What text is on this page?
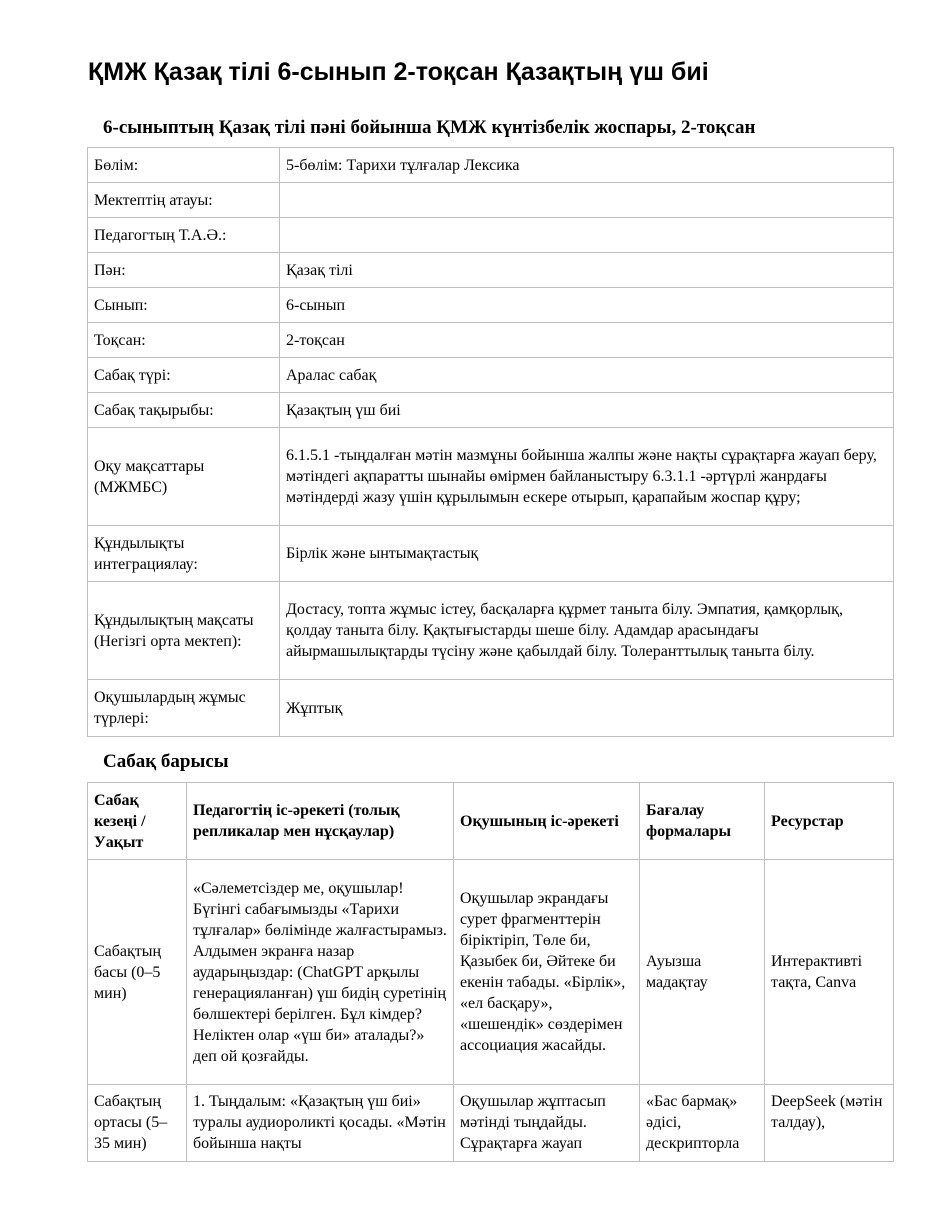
ҚМЖ Қазақ тілі 6-сынып 2-тоқсан Қазақтың үш биі
6-сыныптың Қазақ тілі пәні бойынша ҚМЖ күнтізбелік жоспары, 2-тоқсан
Бөлім:	5-бөлім: Тарихи тұлғалар Лексика
Мектептің атауы:	
Педагогтың Т.А.Ә.:	
Пән:	Қазақ тілі
Сынып:	6-сынып
Тоқсан:	2-тоқсан
Сабақ түрі:	Аралас сабақ
Сабақ тақырыбы:	Қазақтың үш биі
Оқу мақсаттары (МЖМБС)	6.1.5.1 -тыңдалған мәтін мазмұны бойынша жалпы және нақты сұрақтарға жауап беру, мәтіндегі ақпаратты шынайы өмірмен байланыстыру 6.3.1.1 -әртүрлі жанрдағы мәтіндерді жазу үшін құрылымын ескере отырып, қарапайым жоспар құру;
Құндылықты интеграциялау:	Бірлік және ынтымақтастық
Құндылықтың мақсаты (Негізгі орта мектеп):	Достасу, топта жұмыс істеу, басқаларға құрмет таныта білу. Эмпатия, қамқорлық, қолдау таныта білу. Қақтығыстарды шеше білу. Адамдар арасындағы айырмашылықтарды түсіну және қабылдай білу. Толеранттылық таныта білу.
Оқушылардың жұмыс түрлері:	Жұптық
Сабақ барысы
Сабақ кезеңі / Уақыт	Педагогтің іс-әрекеті (толық репликалар мен нұсқаулар)	Оқушының іс-әрекеті	Бағалау формалары	Ресурстар
Сабақтың басы (0–5 мин)	«Сәлеметсіздер ме, оқушылар! Бүгінгі сабағымызды «Тарихи тұлғалар» бөлімінде жалғастырамыз. Алдымен экранға назар аударыңыздар: (ChatGPT арқылы генерацияланған) үш бидің суретінің бөлшектері берілген. Бұл кімдер? Неліктен олар «үш би» аталады?» деп ой қозғайды.	Оқушылар экрандағы сурет фрагменттерін біріктіріп, Төле би, Қазыбек би, Әйтеке би екенін табады. «Бірлік», «ел басқару», «шешендік» сөздерімен ассоциация жасайды.	Ауызша мадақтау	Интерактивті тақта, Canva
Сабақтың ортасы (5–35 мин)	1. Тыңдалым: «Қазақтың үш биі» туралы аудиороликті қосады. «Мәтін бойынша нақты	Оқушылар жұптасып мәтінді тыңдайды. Сұрақтарға жауап	«Бас бармақ» әдісі, дескрипторла	DeepSeek (мәтін талдау),
